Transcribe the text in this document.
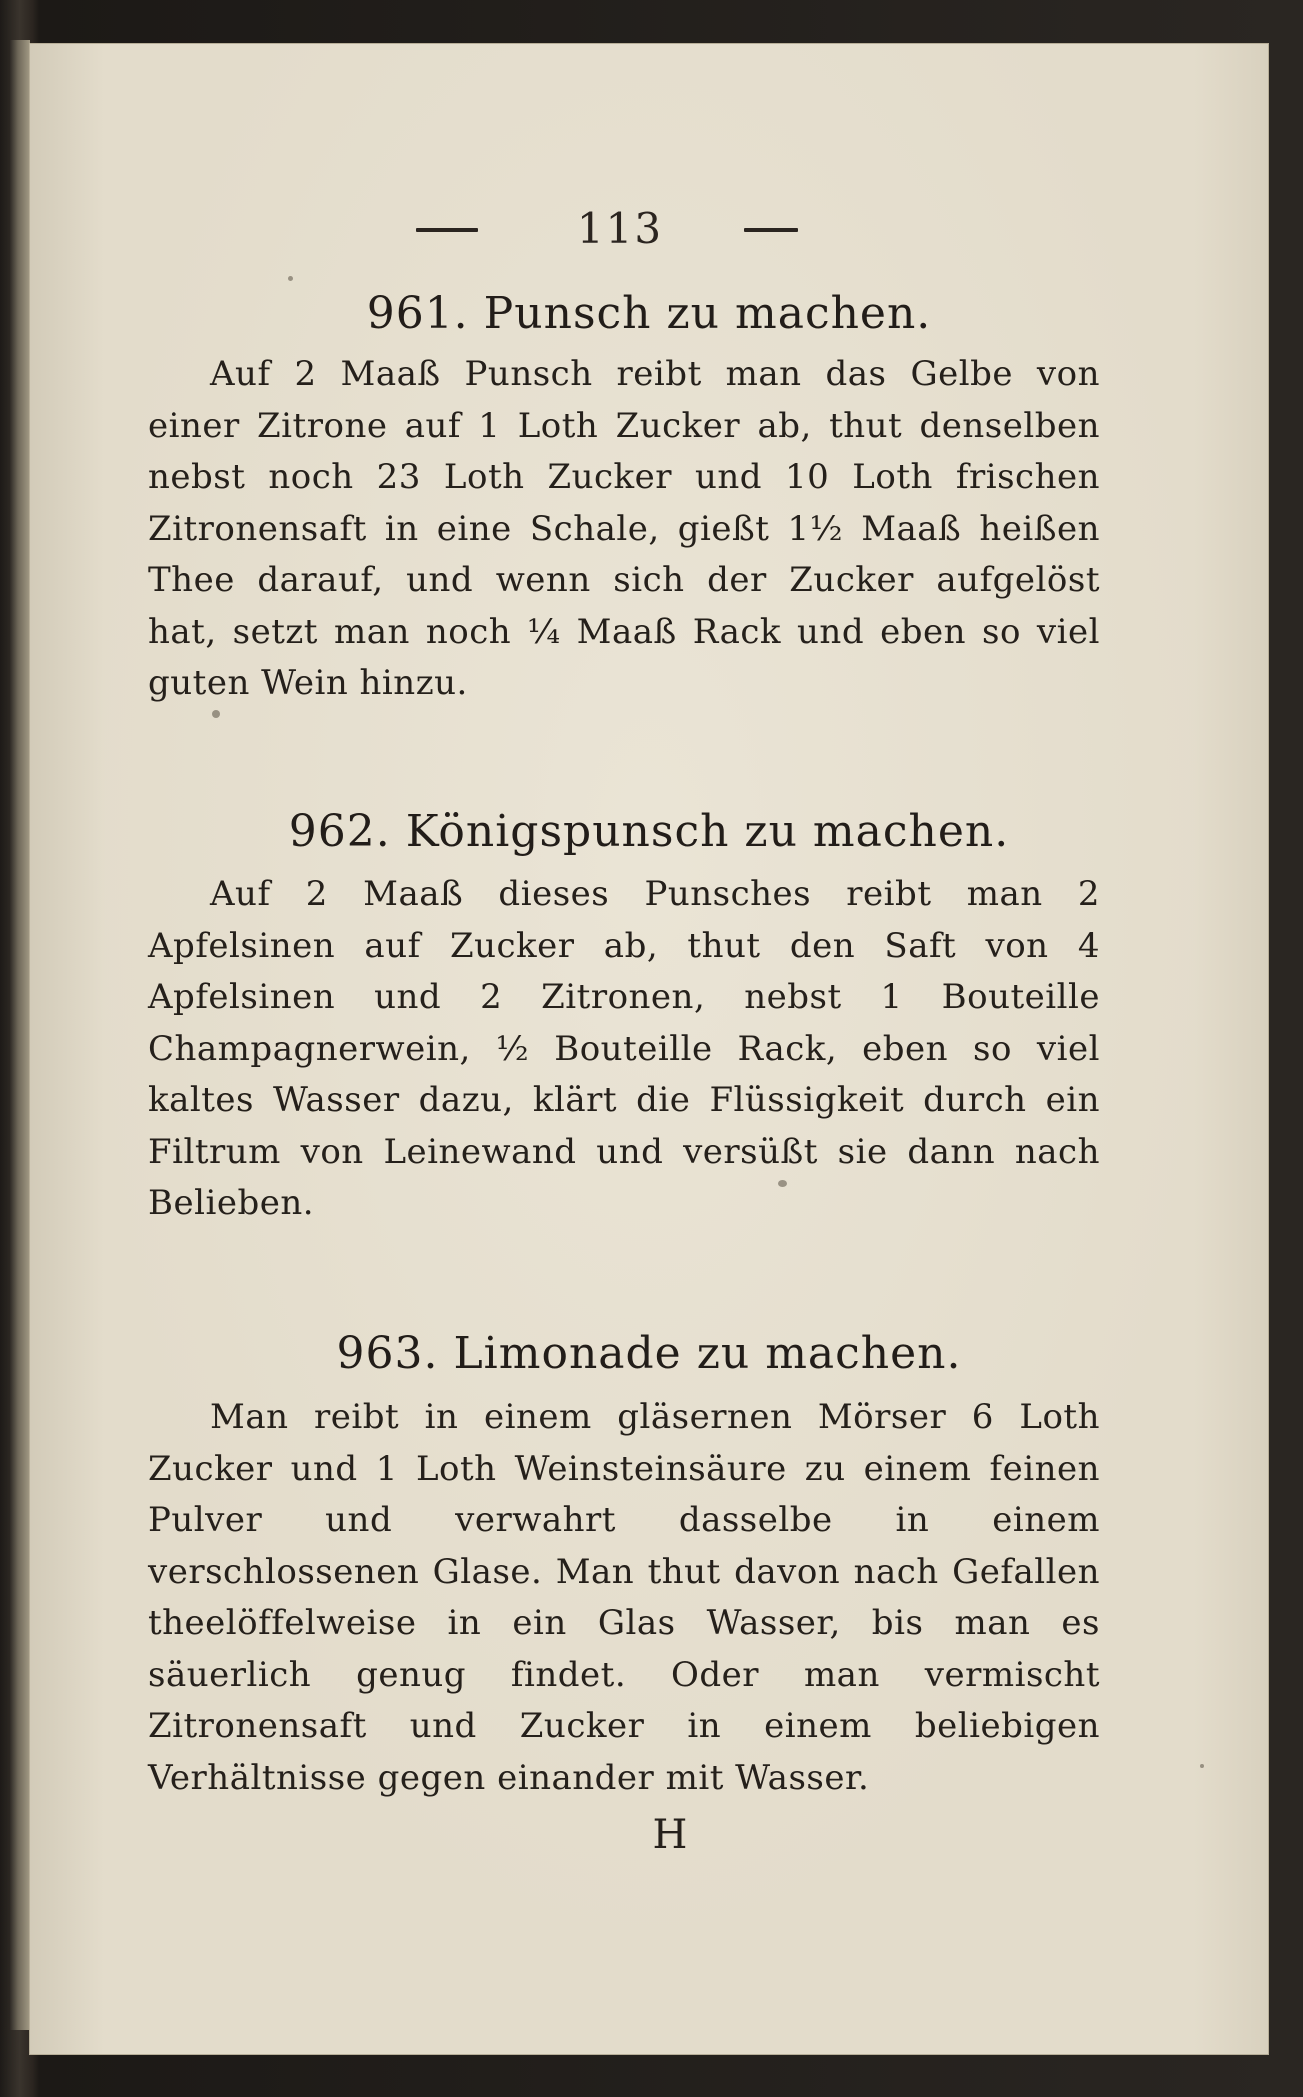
113
961. Punsch zu machen.

Auf 2 Maaß Punsch reibt man das Gelbe von einer Zitrone auf 1 Loth Zucker ab, thut denselben nebst noch 23 Loth Zucker und 10 Loth frischen Zitronensaft in eine Schale, gießt 1½ Maaß heißen Thee darauf, und wenn sich der Zucker aufgelöst hat, setzt man noch ¼ Maaß Rack und eben so viel guten Wein hinzu.

962. Königspunsch zu machen.

Auf 2 Maaß dieses Punsches reibt man 2 Apfelsinen auf Zucker ab, thut den Saft von 4 Apfelsinen und 2 Zitronen, nebst 1 Bouteille Champagnerwein, ½ Bouteille Rack, eben so viel kaltes Wasser dazu, klärt die Flüssigkeit durch ein Filtrum von Leinewand und versüßt sie dann nach Belieben.

963. Limonade zu machen.

Man reibt in einem gläsernen Mörser 6 Loth Zucker und 1 Loth Weinsteinsäure zu einem feinen Pulver und verwahrt dasselbe in einem verschlossenen Glase. Man thut davon nach Gefallen theelöffelweise in ein Glas Wasser, bis man es säuerlich genug findet. Oder man vermischt Zitronensaft und Zucker in einem beliebigen Verhältnisse gegen einander mit Wasser.

H
